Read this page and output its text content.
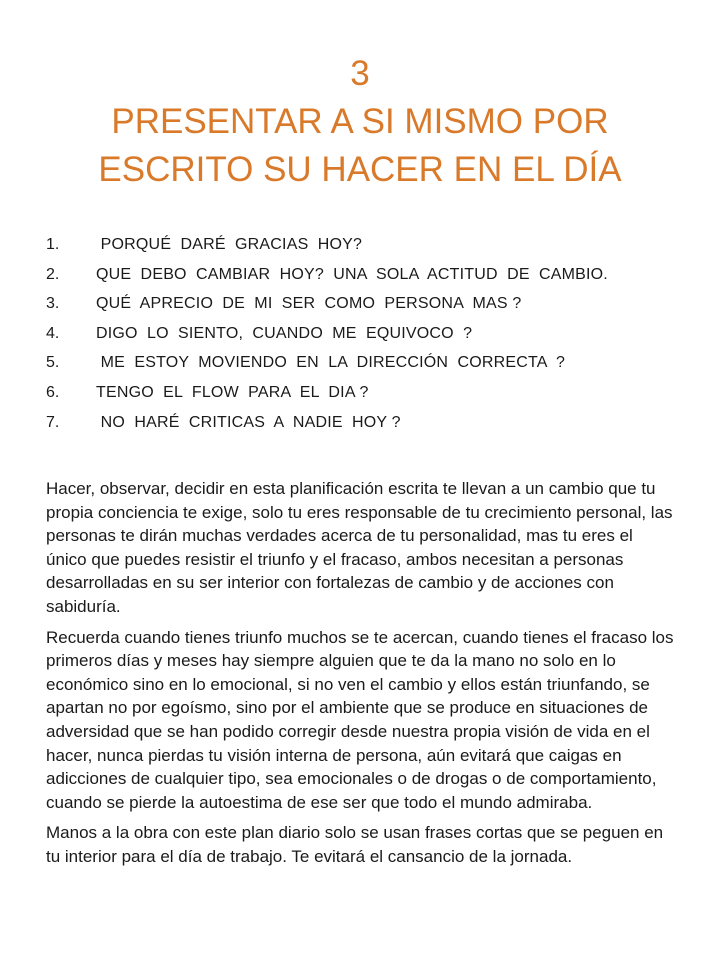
3
PRESENTAR A SI MISMO POR
ESCRITO SU HACER EN EL DÍA
1.	PORQUÉ  DARÉ  GRACIAS  HOY?
2.	QUE  DEBO  CAMBIAR  HOY?  UNA  SOLA  ACTITUD  DE  CAMBIO.
3.	QUÉ  APRECIO  DE  MI  SER  COMO  PERSONA  MAS ?
4.	DIGO  LO  SIENTO,  CUANDO  ME  EQUIVOCO  ?
5.	ME  ESTOY  MOVIENDO  EN  LA  DIRECCIÓN  CORRECTA  ?
6.	TENGO  EL  FLOW  PARA  EL  DIA ?
7.	NO  HARÉ  CRITICAS  A  NADIE  HOY ?

Hacer, observar, decidir en esta planificación escrita te llevan a un cambio que tu propia conciencia te exige, solo tu eres responsable de tu crecimiento personal, las personas te dirán muchas verdades acerca de tu personalidad, mas tu eres el único que puedes resistir el triunfo y el fracaso, ambos necesitan a personas desarrolladas en su ser interior con fortalezas de cambio y de acciones con sabiduría.

Recuerda cuando tienes triunfo muchos se te acercan, cuando tienes el fracaso los primeros días y meses hay siempre alguien que te da la mano no solo en lo económico sino en lo emocional, si no ven el cambio y ellos están triunfando, se apartan no por egoísmo, sino por el ambiente que se produce en situaciones de adversidad que se han podido corregir desde nuestra propia visión de vida en el hacer, nunca pierdas tu visión interna de persona, aún evitará que caigas en adicciones de cualquier tipo, sea emocionales o de drogas o de comportamiento, cuando se pierde la autoestima de ese ser que todo el mundo admiraba.

Manos a la obra con este plan diario solo se usan frases cortas que se peguen en tu interior para el día de trabajo. Te evitará el cansancio de la jornada.
